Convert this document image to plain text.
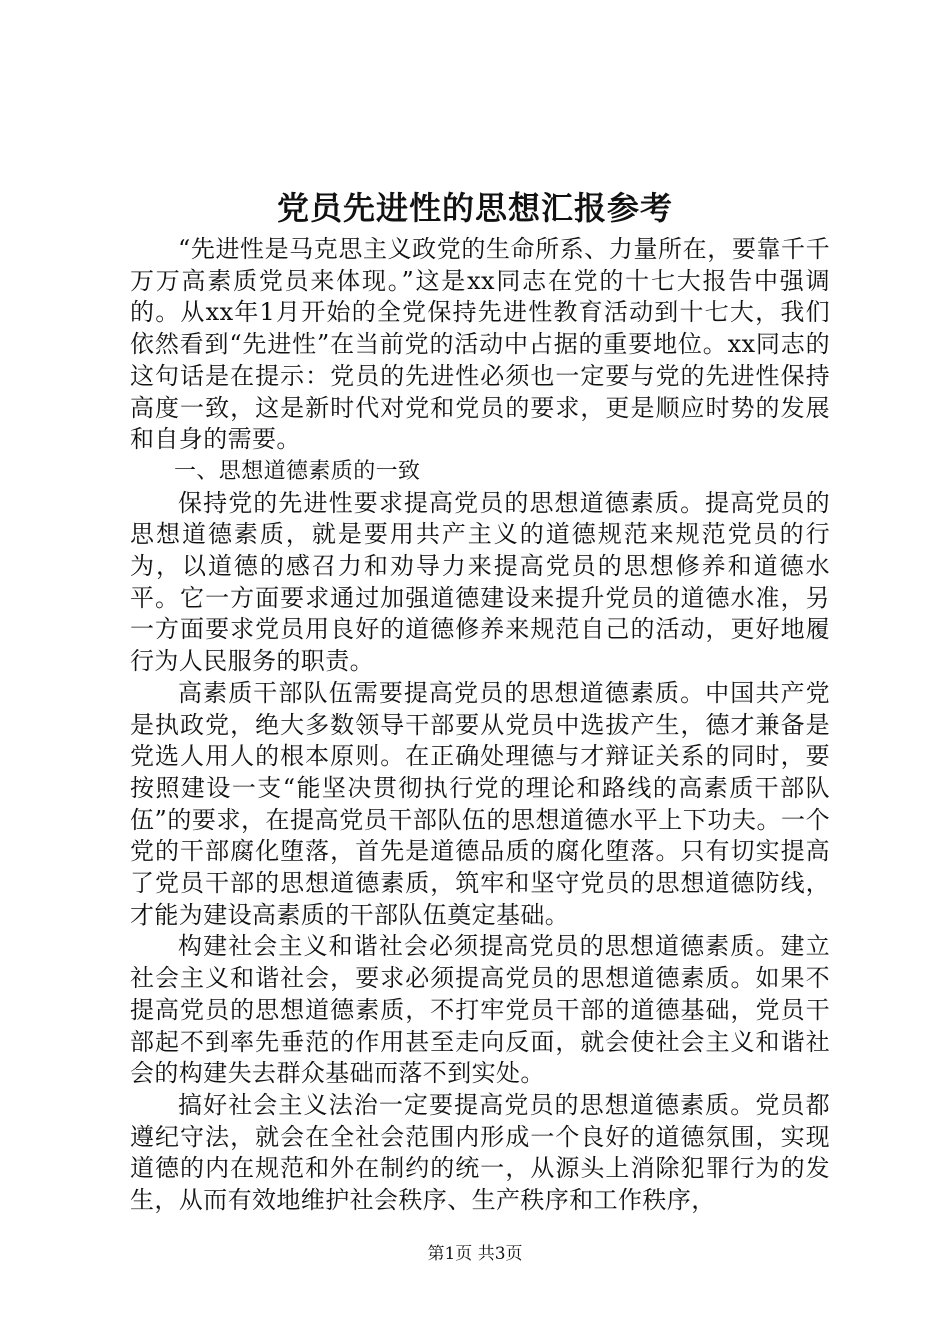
党员先进性的思想汇报参考

“先进性是马克思主义政党的生命所系、力量所在，要靠千千万万高素质党员来体现。”这是xx同志在党的十七大报告中强调的。从xx年1月开始的全党保持先进性教育活动到十七大，我们依然看到“先进性”在当前党的活动中占据的重要地位。xx同志的这句话是在提示：党员的先进性必须也一定要与党的先进性保持高度一致，这是新时代对党和党员的要求，更是顺应时势的发展和自身的需要。

一、思想道德素质的一致

保持党的先进性要求提高党员的思想道德素质。提高党员的思想道德素质，就是要用共产主义的道德规范来规范党员的行为，以道德的感召力和劝导力来提高党员的思想修养和道德水平。它一方面要求通过加强道德建设来提升党员的道德水准，另一方面要求党员用良好的道德修养来规范自己的活动，更好地履行为人民服务的职责。

高素质干部队伍需要提高党员的思想道德素质。中国共产党是执政党，绝大多数领导干部要从党员中选拔产生，德才兼备是党选人用人的根本原则。在正确处理德与才辩证关系的同时，要按照建设一支“能坚决贯彻执行党的理论和路线的高素质干部队伍”的要求，在提高党员干部队伍的思想道德水平上下功夫。一个党的干部腐化堕落，首先是道德品质的腐化堕落。只有切实提高了党员干部的思想道德素质，筑牢和坚守党员的思想道德防线，才能为建设高素质的干部队伍奠定基础。

构建社会主义和谐社会必须提高党员的思想道德素质。建立社会主义和谐社会，要求必须提高党员的思想道德素质。如果不提高党员的思想道德素质，不打牢党员干部的道德基础，党员干部起不到率先垂范的作用甚至走向反面，就会使社会主义和谐社会的构建失去群众基础而落不到实处。

搞好社会主义法治一定要提高党员的思想道德素质。党员都遵纪守法，就会在全社会范围内形成一个良好的道德氛围，实现道德的内在规范和外在制约的统一，从源头上消除犯罪行为的发生，从而有效地维护社会秩序、生产秩序和工作秩序，

第1页 共3页
